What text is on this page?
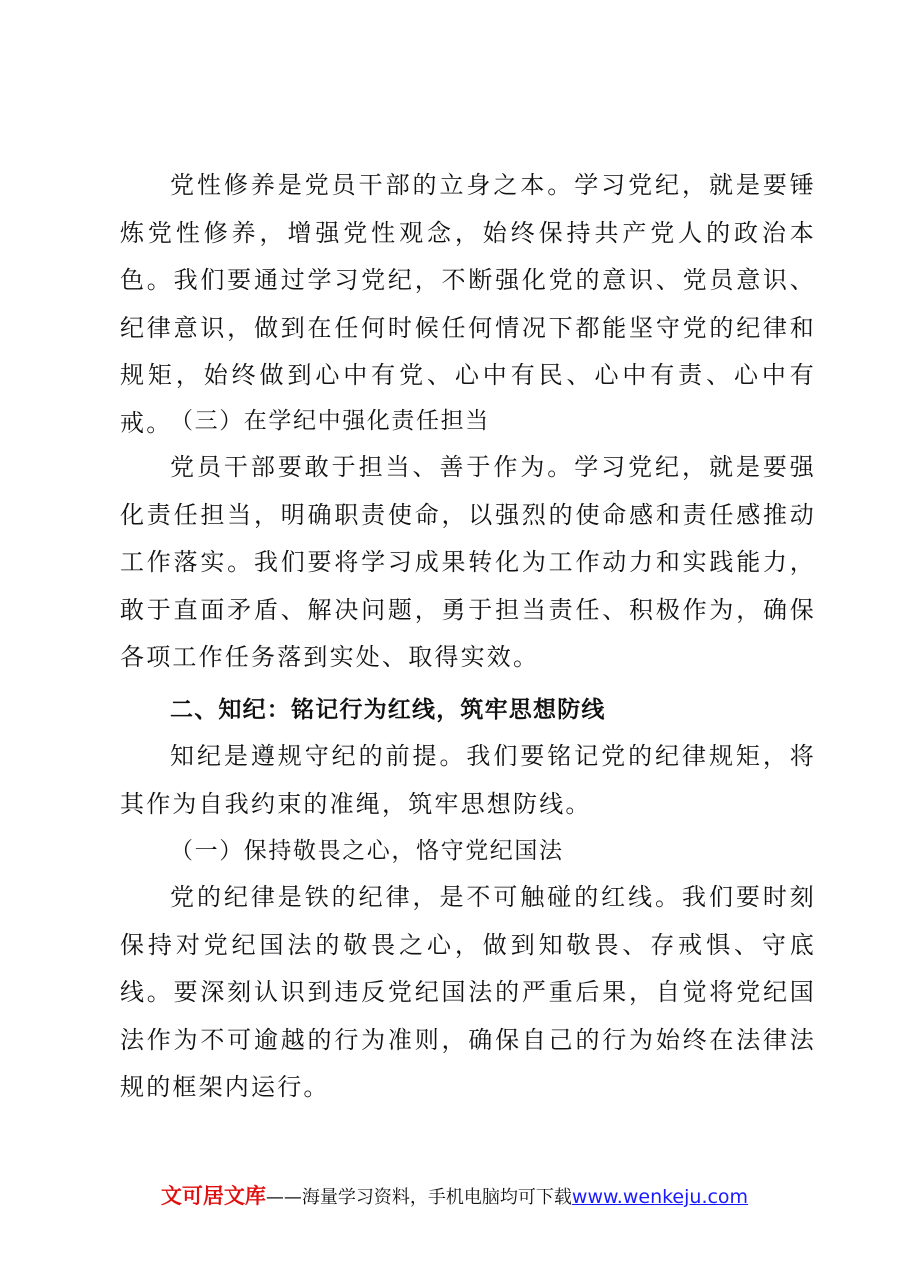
党性修养是党员干部的立身之本。学习党纪，就是要锤炼党性修养，增强党性观念，始终保持共产党人的政治本色。我们要通过学习党纪，不断强化党的意识、党员意识、纪律意识，做到在任何时候任何情况下都能坚守党的纪律和规矩，始终做到心中有党、心中有民、心中有责、心中有戒。

（三）在学纪中强化责任担当

党员干部要敢于担当、善于作为。学习党纪，就是要强化责任担当，明确职责使命，以强烈的使命感和责任感推动工作落实。我们要将学习成果转化为工作动力和实践能力，敢于直面矛盾、解决问题，勇于担当责任、积极作为，确保各项工作任务落到实处、取得实效。

二、知纪：铭记行为红线，筑牢思想防线

知纪是遵规守纪的前提。我们要铭记党的纪律规矩，将其作为自我约束的准绳，筑牢思想防线。

（一）保持敬畏之心，恪守党纪国法

党的纪律是铁的纪律，是不可触碰的红线。我们要时刻保持对党纪国法的敬畏之心，做到知敬畏、存戒惧、守底线。要深刻认识到违反党纪国法的严重后果，自觉将党纪国法作为不可逾越的行为准则，确保自己的行为始终在法律法规的框架内运行。

文可居文库——海量学习资料，手机电脑均可下载www.wenkeju.com
